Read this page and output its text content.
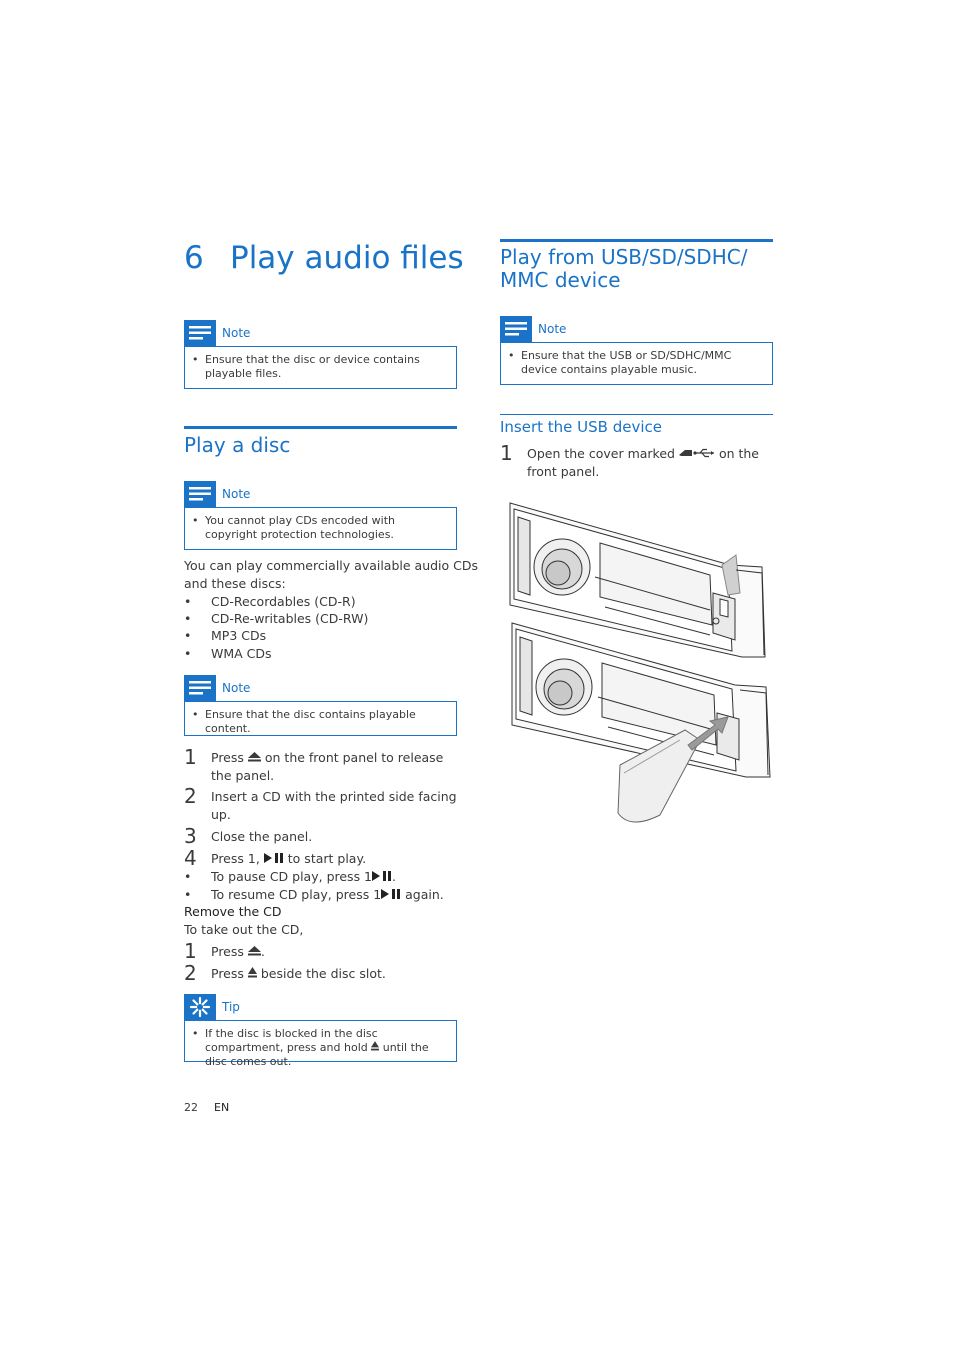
6 Play audio files
Note
• Ensure that the disc or device contains playable files.
Play a disc
Note
• You cannot play CDs encoded with copyright protection technologies.
You can play commercially available audio CDs
and these discs:
• CD-Recordables (CD-R)
• CD-Re-writables (CD-RW)
• MP3 CDs
• WMA CDs
Note
• Ensure that the disc contains playable content.
1 Press on the front panel to release the panel.
2 Insert a CD with the printed side facing up.
3 Close the panel.
4 Press 1, to start play.
• To pause CD play, press 1 .
• To resume CD play, press 1 again.
Remove the CD
To take out the CD,
1 Press .
2 Press beside the disc slot.
Tip
• If the disc is blocked in the disc compartment, press and hold until the disc comes out.
22 EN
Play from USB/SD/SDHC/
MMC device
Note
• Ensure that the USB or SD/SDHC/MMC device contains playable music.
Insert the USB device
1 Open the cover marked	on the front panel.
